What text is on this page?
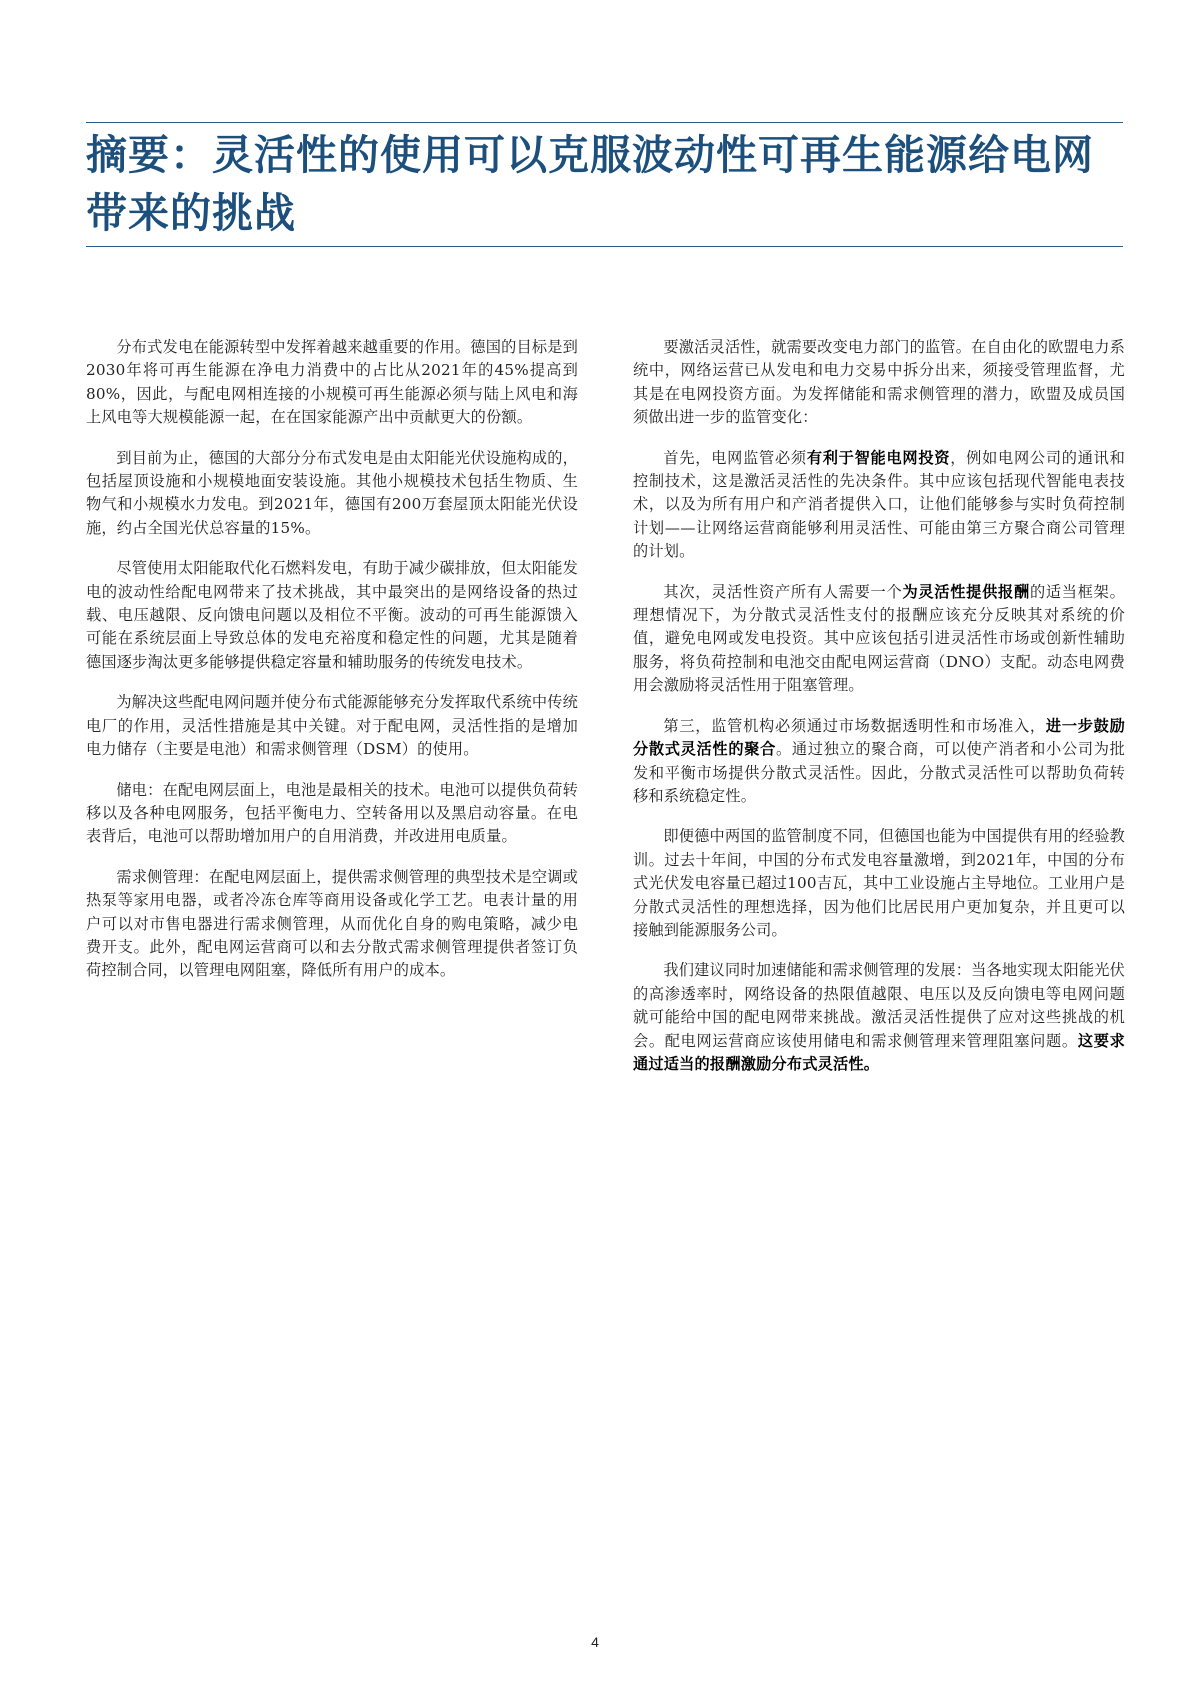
摘要：灵活性的使用可以克服波动性可再生能源给电网带来的挑战

分布式发电在能源转型中发挥着越来越重要的作用。德国的目标是到2030年将可再生能源在净电力消费中的占比从2021年的45%提高到80%，因此，与配电网相连接的小规模可再生能源必须与陆上风电和海上风电等大规模能源一起，在在国家能源产出中贡献更大的份额。

到目前为止，德国的大部分分布式发电是由太阳能光伏设施构成的，包括屋顶设施和小规模地面安装设施。其他小规模技术包括生物质、生物气和小规模水力发电。到2021年，德国有200万套屋顶太阳能光伏设施，约占全国光伏总容量的15%。

尽管使用太阳能取代化石燃料发电，有助于减少碳排放，但太阳能发电的波动性给配电网带来了技术挑战，其中最突出的是网络设备的热过载、电压越限、反向馈电问题以及相位不平衡。波动的可再生能源馈入可能在系统层面上导致总体的发电充裕度和稳定性的问题，尤其是随着德国逐步淘汰更多能够提供稳定容量和辅助服务的传统发电技术。

为解决这些配电网问题并使分布式能源能够充分发挥取代系统中传统电厂的作用，灵活性措施是其中关键。对于配电网，灵活性指的是增加电力储存（主要是电池）和需求侧管理（DSM）的使用。

储电：在配电网层面上，电池是最相关的技术。电池可以提供负荷转移以及各种电网服务，包括平衡电力、空转备用以及黑启动容量。在电表背后，电池可以帮助增加用户的自用消费，并改进用电质量。

需求侧管理：在配电网层面上，提供需求侧管理的典型技术是空调或热泵等家用电器，或者冷冻仓库等商用设备或化学工艺。电表计量的用户可以对市售电器进行需求侧管理，从而优化自身的购电策略，减少电费开支。此外，配电网运营商可以和去分散式需求侧管理提供者签订负荷控制合同，以管理电网阻塞，降低所有用户的成本。

要激活灵活性，就需要改变电力部门的监管。在自由化的欧盟电力系统中，网络运营已从发电和电力交易中拆分出来，须接受管理监督，尤其是在电网投资方面。为发挥储能和需求侧管理的潜力，欧盟及成员国须做出进一步的监管变化：

首先，电网监管必须有利于智能电网投资，例如电网公司的通讯和控制技术，这是激活灵活性的先决条件。其中应该包括现代智能电表技术，以及为所有用户和产消者提供入口，让他们能够参与实时负荷控制计划——让网络运营商能够利用灵活性、可能由第三方聚合商公司管理的计划。

其次，灵活性资产所有人需要一个为灵活性提供报酬的适当框架。理想情况下，为分散式灵活性支付的报酬应该充分反映其对系统的价值，避免电网或发电投资。其中应该包括引进灵活性市场或创新性辅助服务，将负荷控制和电池交由配电网运营商（DNO）支配。动态电网费用会激励将灵活性用于阻塞管理。

第三，监管机构必须通过市场数据透明性和市场准入，进一步鼓励分散式灵活性的聚合。通过独立的聚合商，可以使产消者和小公司为批发和平衡市场提供分散式灵活性。因此，分散式灵活性可以帮助负荷转移和系统稳定性。

即便德中两国的监管制度不同，但德国也能为中国提供有用的经验教训。过去十年间，中国的分布式发电容量激增，到2021年，中国的分布式光伏发电容量已超过100吉瓦，其中工业设施占主导地位。工业用户是分散式灵活性的理想选择，因为他们比居民用户更加复杂，并且更可以接触到能源服务公司。

我们建议同时加速储能和需求侧管理的发展：当各地实现太阳能光伏的高渗透率时，网络设备的热限值越限、电压以及反向馈电等电网问题就可能给中国的配电网带来挑战。激活灵活性提供了应对这些挑战的机会。配电网运营商应该使用储电和需求侧管理来管理阻塞问题。这要求通过适当的报酬激励分布式灵活性。

4
